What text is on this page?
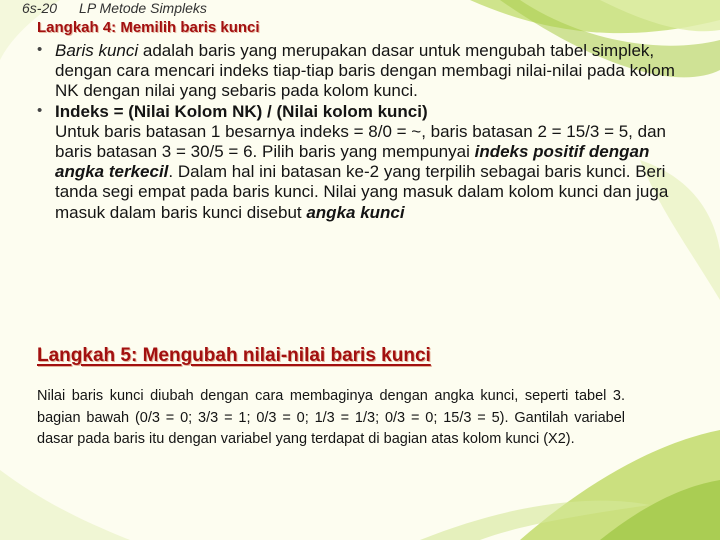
6s-20 LP Metode Simpleks
Langkah 4: Memilih baris kunci
• Baris kunci adalah baris yang merupakan dasar untuk mengubah tabel simplek, dengan cara mencari indeks tiap-tiap baris dengan membagi nilai-nilai pada kolom NK dengan nilai yang sebaris pada kolom kunci.

• Indeks = (Nilai Kolom NK) / (Nilai kolom kunci)

Untuk baris batasan 1 besarnya indeks = 8/0 = ~, baris batasan 2 = 15/3 = 5, dan baris batasan 3 = 30/5 = 6. Pilih baris yang mempunyai indeks positif dengan angka terkecil. Dalam hal ini batasan ke-2 yang terpilih sebagai baris kunci. Beri tanda segi empat pada baris kunci. Nilai yang masuk dalam kolom kunci dan juga masuk dalam baris kunci disebut angka kunci

Langkah 5: Mengubah nilai-nilai baris kunci

Nilai baris kunci diubah dengan cara membaginya dengan angka kunci, seperti tabel 3. bagian bawah (0/3 = 0; 3/3 = 1; 0/3 = 0; 1/3 = 1/3; 0/3 = 0; 15/3 = 5). Gantilah variabel dasar pada baris itu dengan variabel yang terdapat di bagian atas kolom kunci (X2).
